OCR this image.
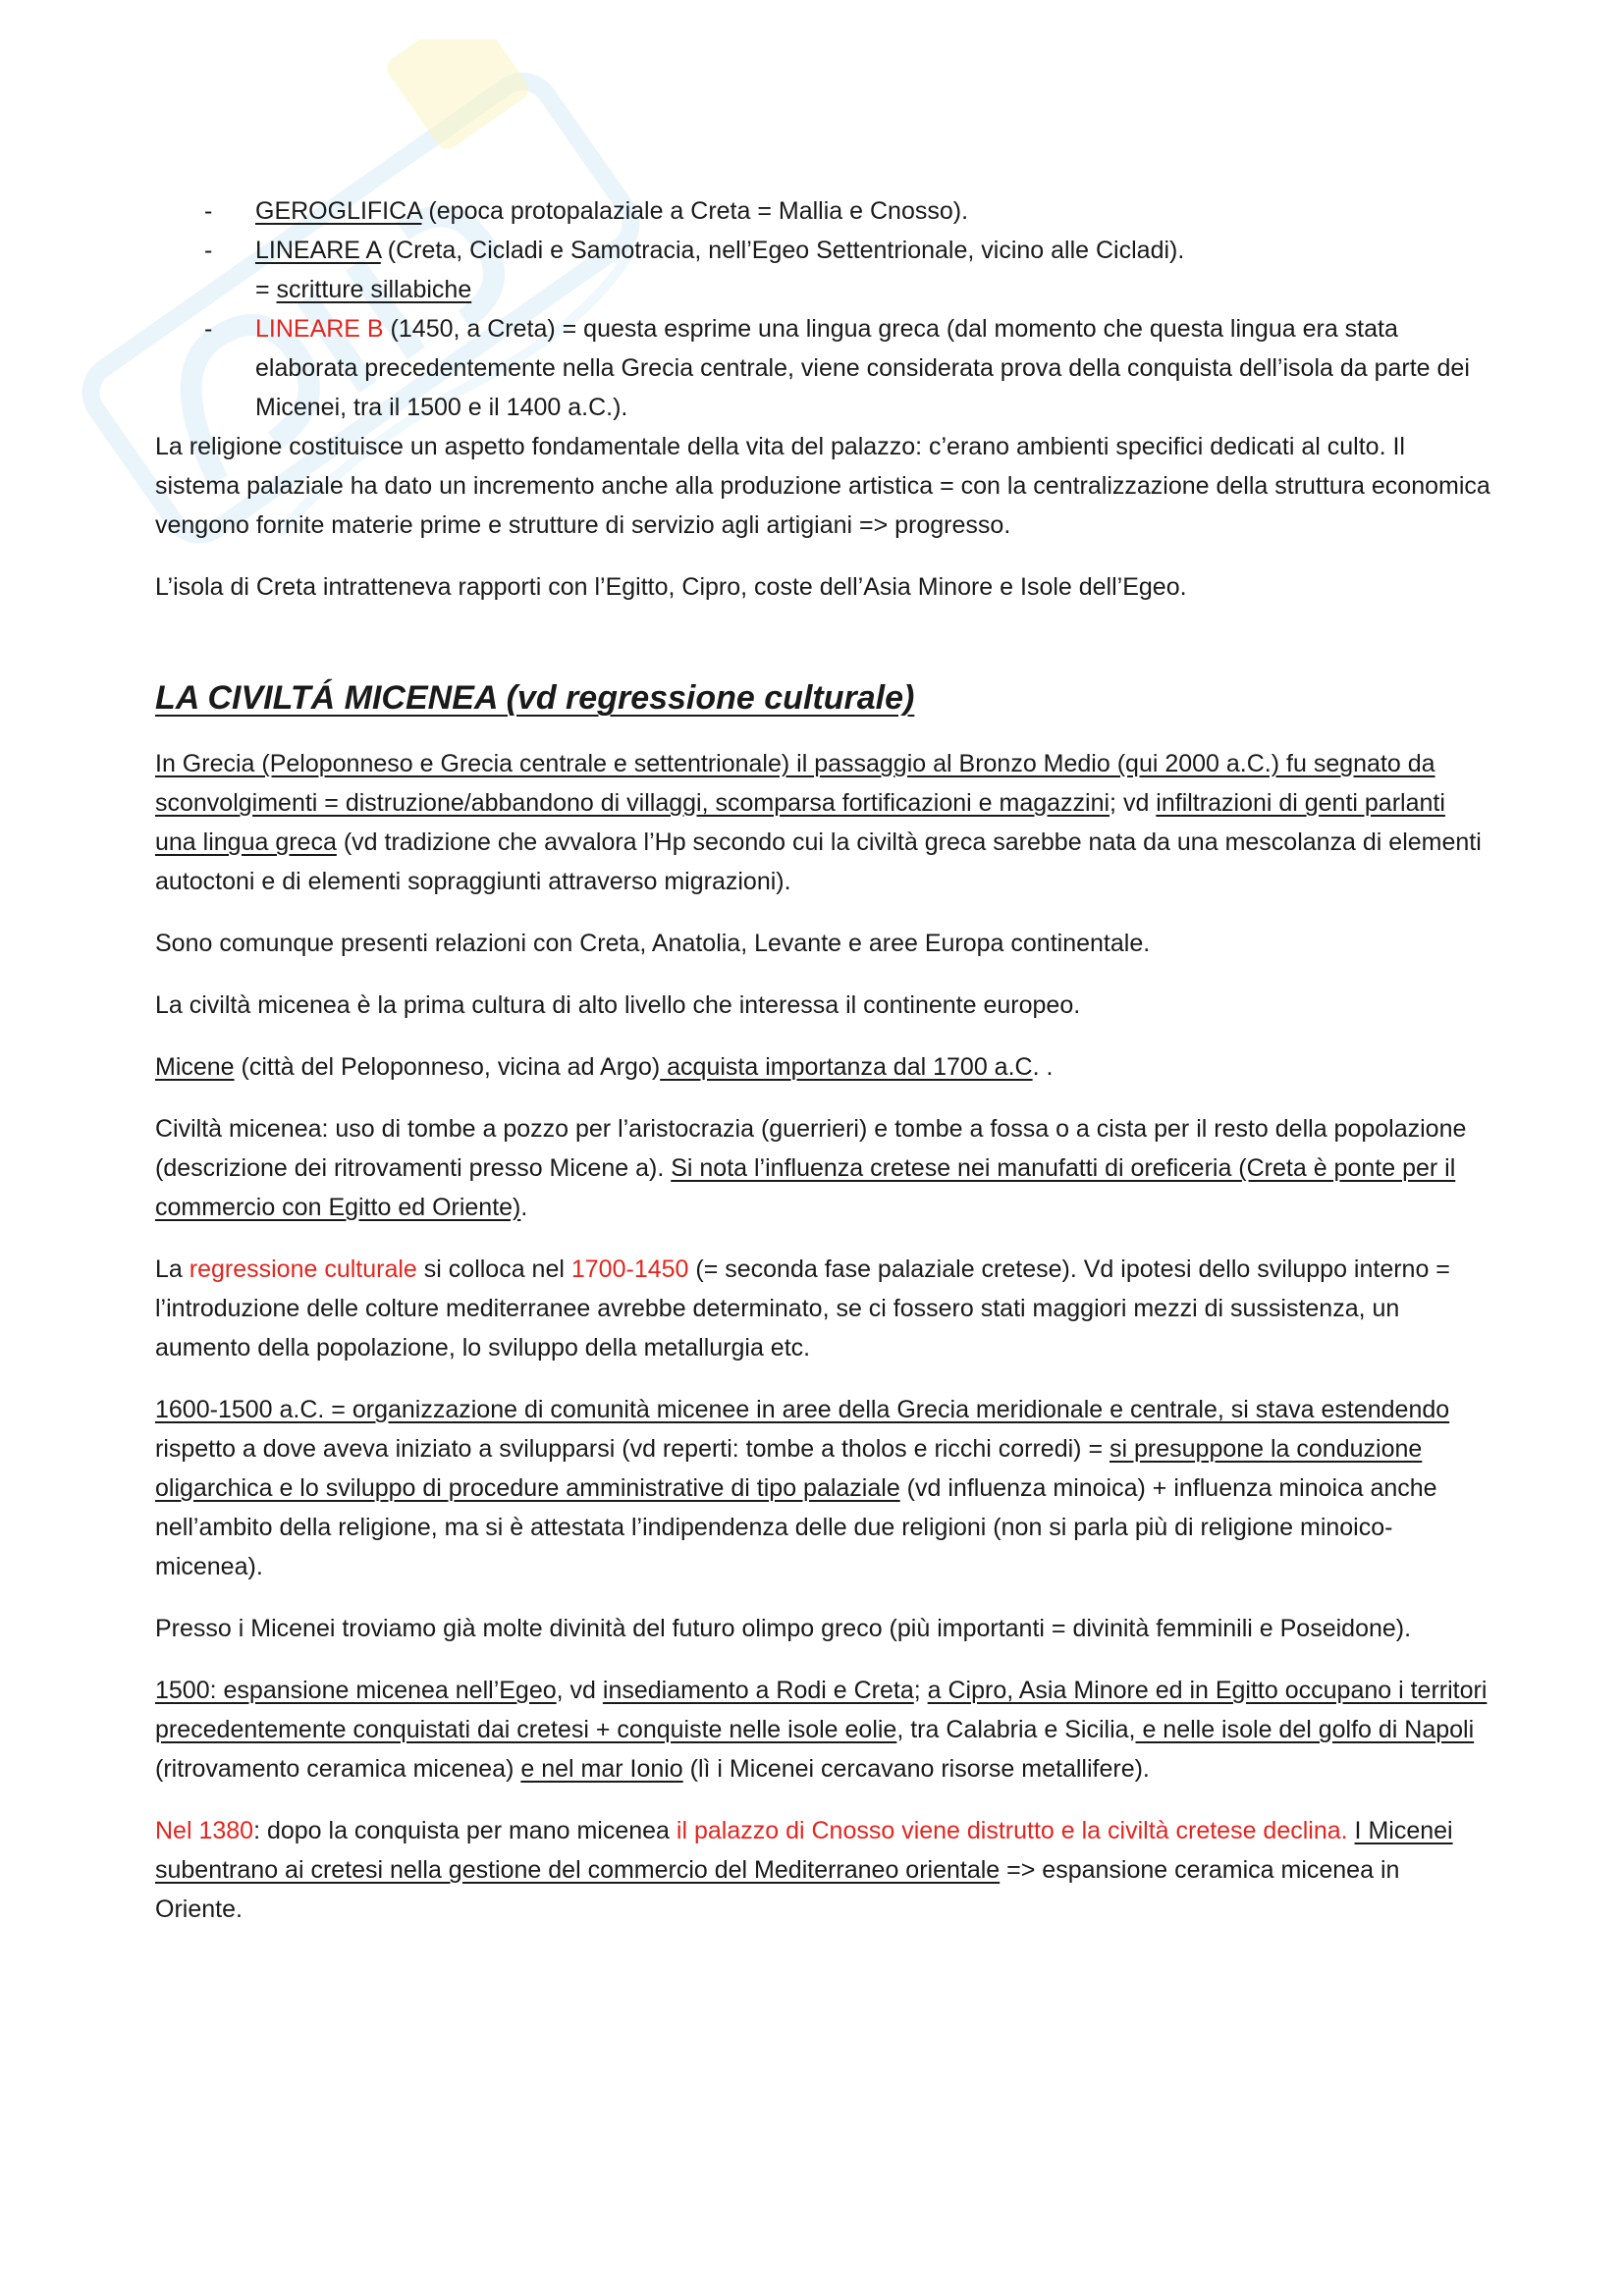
- GEROGLIFICA (epoca protopalaziale a Creta = Mallia e Cnosso).
- LINEARE A (Creta, Cicladi e Samotracia, nell’Egeo Settentrionale, vicino alle Cicladi).
= scritture sillabiche
- LINEARE B (1450, a Creta) = questa esprime una lingua greca (dal momento che questa lingua era stata elaborata precedentemente nella Grecia centrale, viene considerata prova della conquista dell’isola da parte dei Micenei, tra il 1500 e il 1400 a.C.).

La religione costituisce un aspetto fondamentale della vita del palazzo: c’erano ambienti specifici dedicati al culto. Il sistema palaziale ha dato un incremento anche alla produzione artistica = con la centralizzazione della struttura economica vengono fornite materie prime e strutture di servizio agli artigiani => progresso.

L’isola di Creta intratteneva rapporti con l’Egitto, Cipro, coste dell’Asia Minore e Isole dell’Egeo.

LA CIVILTÁ MICENEA (vd regressione culturale)

In Grecia (Peloponneso e Grecia centrale e settentrionale) il passaggio al Bronzo Medio (qui 2000 a.C.) fu segnato da sconvolgimenti = distruzione/abbandono di villaggi, scomparsa fortificazioni e magazzini; vd infiltrazioni di genti parlanti una lingua greca (vd tradizione che avvalora l’Hp secondo cui la civiltà greca sarebbe nata da una mescolanza di elementi autoctoni e di elementi sopraggiunti attraverso migrazioni).

Sono comunque presenti relazioni con Creta, Anatolia, Levante e aree Europa continentale.

La civiltà micenea è la prima cultura di alto livello che interessa il continente europeo.

Micene (città del Peloponneso, vicina ad Argo) acquista importanza dal 1700 a.C. .

Civiltà micenea: uso di tombe a pozzo per l’aristocrazia (guerrieri) e tombe a fossa o a cista per il resto della popolazione (descrizione dei ritrovamenti presso Micene a). Si nota l’influenza cretese nei manufatti di oreficeria (Creta è ponte per il commercio con Egitto ed Oriente).

La regressione culturale si colloca nel 1700-1450 (= seconda fase palaziale cretese). Vd ipotesi dello sviluppo interno = l’introduzione delle colture mediterranee avrebbe determinato, se ci fossero stati maggiori mezzi di sussistenza, un aumento della popolazione, lo sviluppo della metallurgia etc.

1600-1500 a.C. = organizzazione di comunità micenee in aree della Grecia meridionale e centrale, si stava estendendo rispetto a dove aveva iniziato a svilupparsi (vd reperti: tombe a tholos e ricchi corredi) = si presuppone la conduzione oligarchica e lo sviluppo di procedure amministrative di tipo palaziale (vd influenza minoica) + influenza minoica anche nell’ambito della religione, ma si è attestata l’indipendenza delle due religioni (non si parla più di religione minoico-micenea).

Presso i Micenei troviamo già molte divinità del futuro olimpo greco (più importanti = divinità femminili e Poseidone).

1500: espansione micenea nell’Egeo, vd insediamento a Rodi e Creta; a Cipro, Asia Minore ed in Egitto occupano i territori precedentemente conquistati dai cretesi + conquiste nelle isole eolie, tra Calabria e Sicilia, e nelle isole del golfo di Napoli (ritrovamento ceramica micenea) e nel mar Ionio (lì i Micenei cercavano risorse metallifere).

Nel 1380: dopo la conquista per mano micenea il palazzo di Cnosso viene distrutto e la civiltà cretese declina. I Micenei subentrano ai cretesi nella gestione del commercio del Mediterraneo orientale => espansione ceramica micenea in Oriente.
